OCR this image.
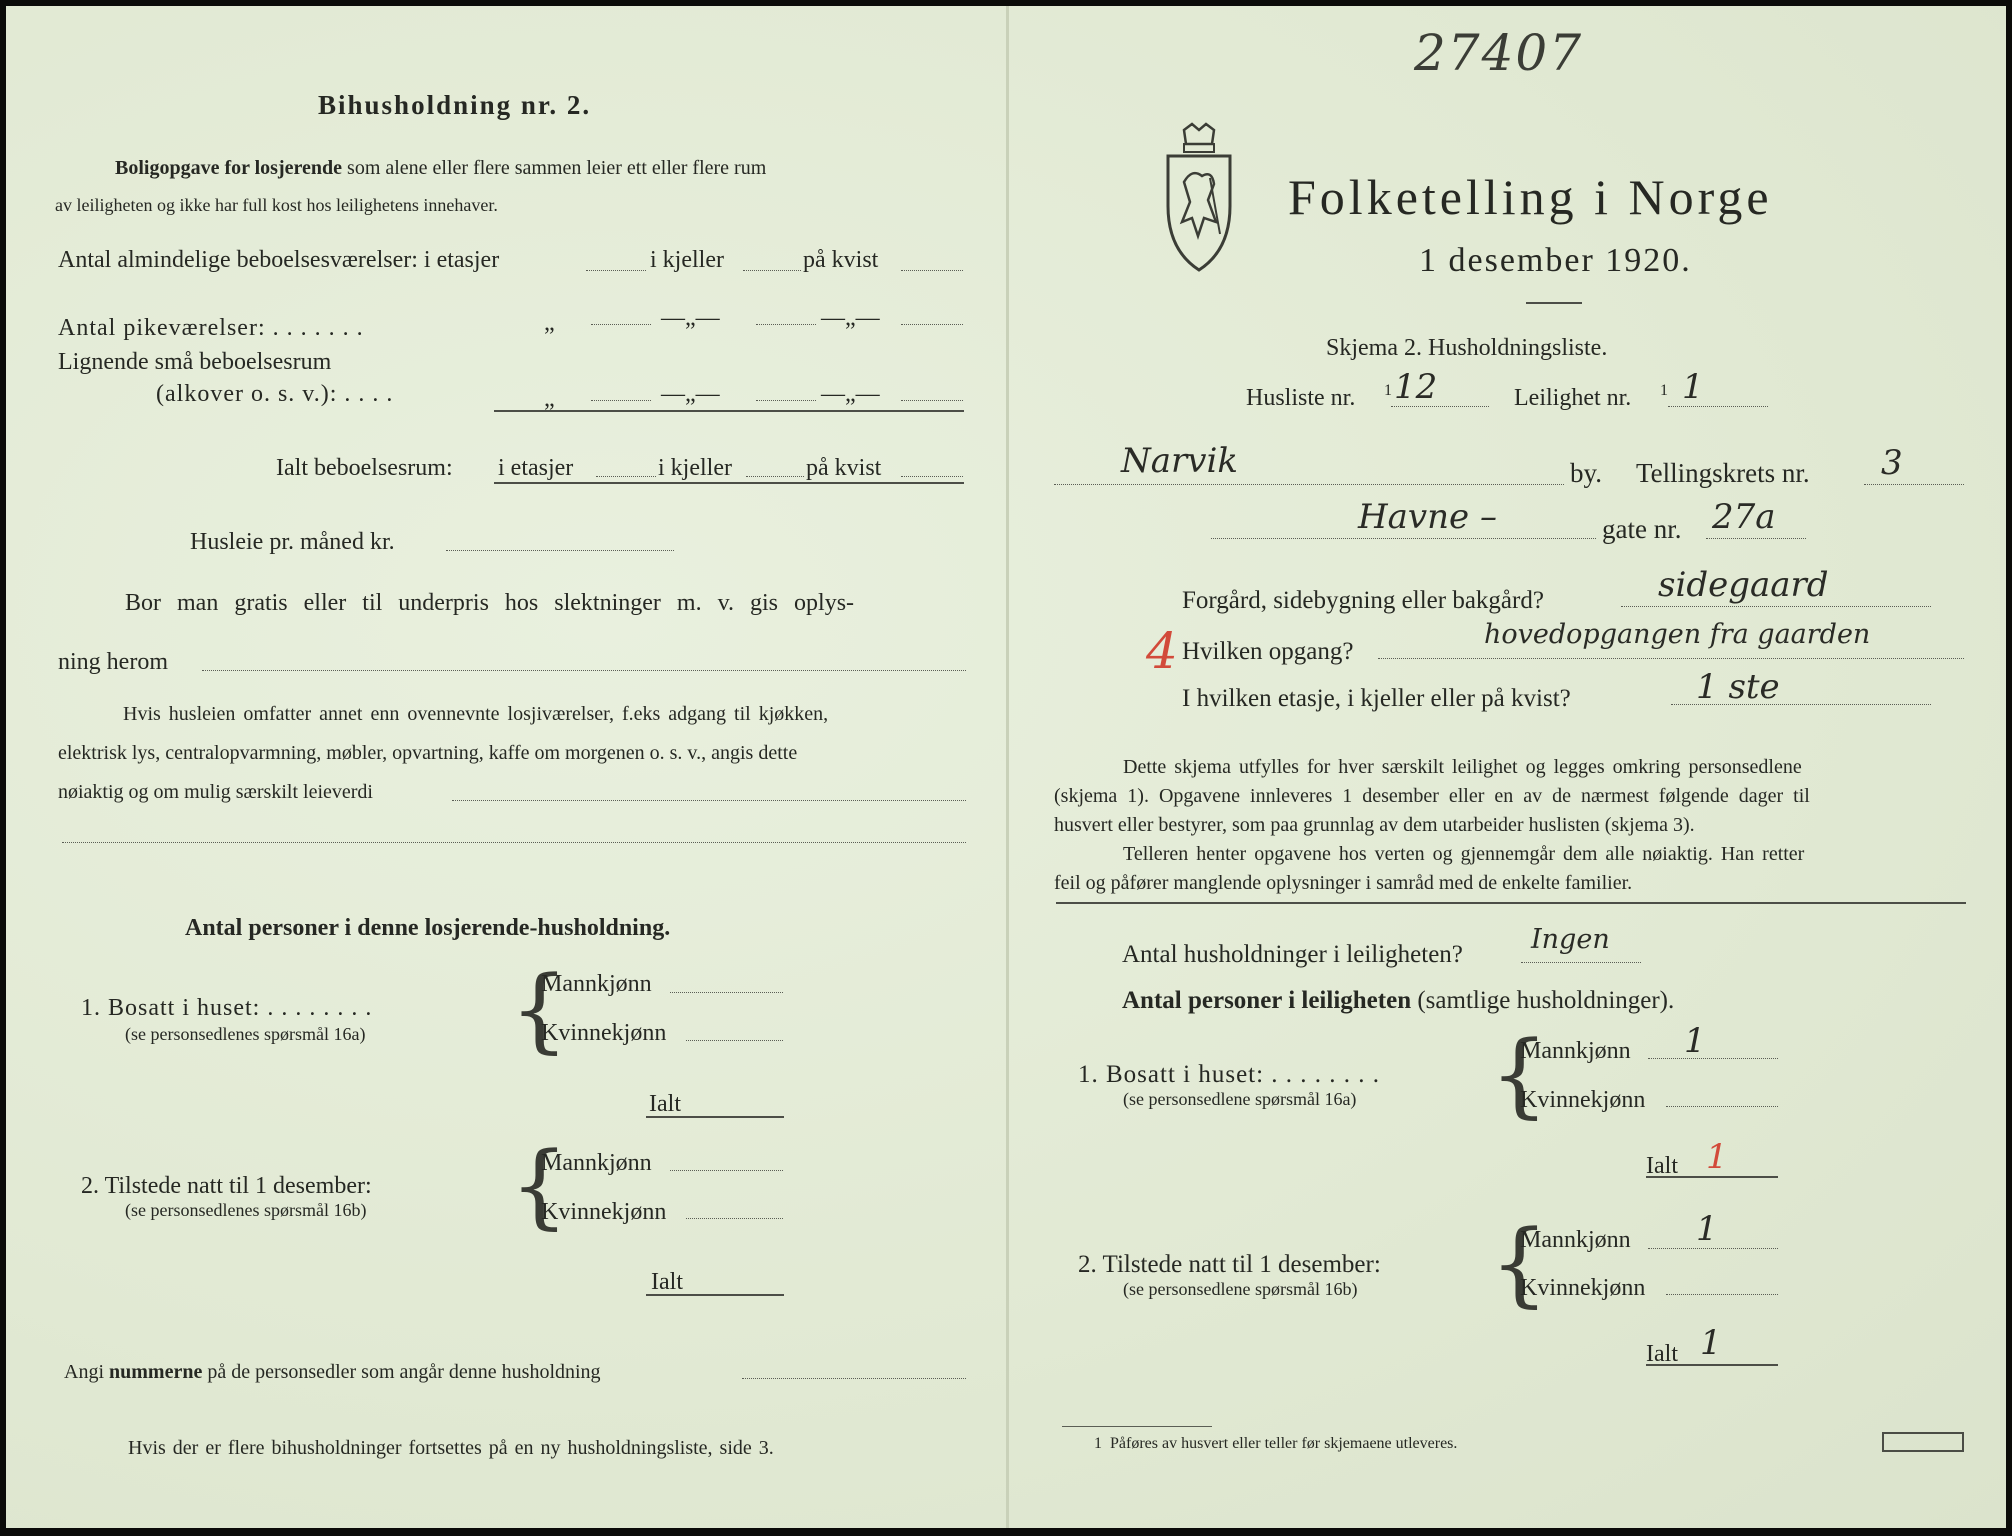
Bihusholdning nr. 2.
Boligopgave for losjerende som alene eller flere sammen leier ett eller flere rum
av leiligheten og ikke har full kost hos leilighetens innehaver.
Antal almindelige beboelsesværelser: i etasjer	i kjeller	på kvist
Antal pikeværelser: . . . . . . .	„	—„—	—„—
Lignende små beboelsesrum
(alkover o. s. v.): . . . .	„	—„—	—„—
Ialt beboelsesrum: i etasjer	i kjeller	på kvist
Husleie pr. måned kr.
Bor man gratis eller til underpris hos slektninger m. v. gis oplys-
ning herom
Hvis husleien omfatter annet enn ovennevnte losjiværelser, f.eks adgang til kjøkken,
elektrisk lys, centralopvarmning, møbler, opvartning, kaffe om morgenen o. s. v., angis dette
nøiaktig og om mulig særskilt leieverdi
Antal personer i denne losjerende-husholdning.
1. Bosatt i huset: . . . . . . . .
(se personsedlenes spørsmål 16a) {
Mannkjønn
Kvinnekjønn
Ialt
2. Tilstede natt til 1 desember:
(se personsedlenes spørsmål 16b) {
Mannkjønn
Kvinnekjønn
Ialt
Angi nummerne på de personsedler som angår denne husholdning
Hvis der er flere bihusholdninger fortsettes på en ny husholdningsliste, side 3.
27407
Folketelling i Norge
1 desember 1920.
Skjema 2. Husholdningsliste.
Husliste nr. 1 12	Leilighet nr. 1 1
Narvik	by. Tellingskrets nr. 3
Havne –	gate nr. 27a
Forgård, sidebygning eller bakgård?	sidegaard
4 Hvilken opgang?
hovedopgangen fra gaarden
I hvilken etasje, i kjeller eller på kvist?	1 ste
Dette skjema utfylles for hver særskilt leilighet og legges omkring personsedlene
(skjema 1). Opgavene innleveres 1 desember eller en av de nærmest følgende dager til
husvert eller bestyrer, som paa grunnlag av dem utarbeider huslisten (skjema 3).
Telleren henter opgavene hos verten og gjennemgår dem alle nøiaktig. Han retter
feil og påfører manglende oplysninger i samråd med de enkelte familier.
Antal husholdninger i leiligheten?	Ingen
Antal personer i leiligheten (samtlige husholdninger).
1. Bosatt i huset: . . . . . . . .
(se personsedlene spørsmål 16a) {
Mannkjønn 1
Kvinnekjønn
Ialt 1
2. Tilstede natt til 1 desember:
(se personsedlene spørsmål 16b) {
Mannkjønn 1
Kvinnekjønn
Ialt 1
1 Påføres av husvert eller teller før skjemaene utleveres.
